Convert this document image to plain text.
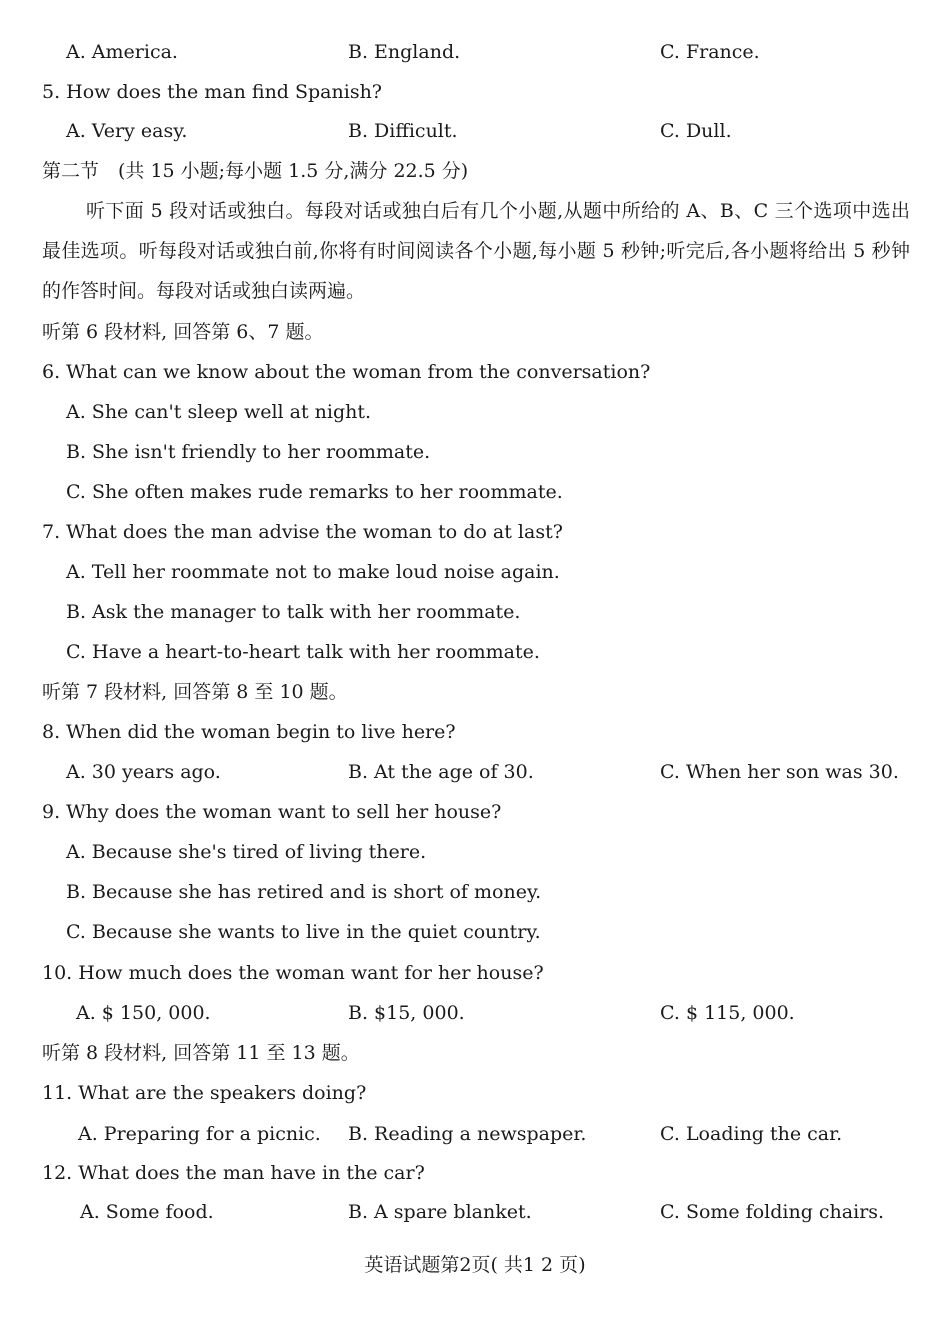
A. America.	B. England.	C. France.
5. How does the man find Spanish?
A. Very easy.	B. Difficult.	C. Dull.
第二节　(共 15 小题;每小题 1.5 分,满分 22.5 分)
听下面 5 段对话或独白。每段对话或独白后有几个小题,从题中所给的 A、B、C 三个选项中选出最佳选项。听每段对话或独白前,你将有时间阅读各个小题,每小题 5 秒钟;听完后,各小题将给出 5 秒钟的作答时间。每段对话或独白读两遍。
听第 6 段材料, 回答第 6、7 题。
6. What can we know about the woman from the conversation?
A. She can't sleep well at night.
B. She isn't friendly to her roommate.
C. She often makes rude remarks to her roommate.
7. What does the man advise the woman to do at last?
A. Tell her roommate not to make loud noise again.
B. Ask the manager to talk with her roommate.
C. Have a heart-to-heart talk with her roommate.
听第 7 段材料, 回答第 8 至 10 题。
8. When did the woman begin to live here?
A. 30 years ago.	B. At the age of 30.	C. When her son was 30.
9. Why does the woman want to sell her house?
A. Because she's tired of living there.
B. Because she has retired and is short of money.
C. Because she wants to live in the quiet country.
10. How much does the woman want for her house?
A. $ 150, 000.	B. $15, 000.	C. $ 115, 000.
听第 8 段材料, 回答第 11 至 13 题。
11. What are the speakers doing?
A. Preparing for a picnic. B. Reading a newspaper.	C. Loading the car.
12. What does the man have in the car?
A. Some food.	B. A spare blanket.	C. Some folding chairs.
英语试题第2页( 共1 2 页)
